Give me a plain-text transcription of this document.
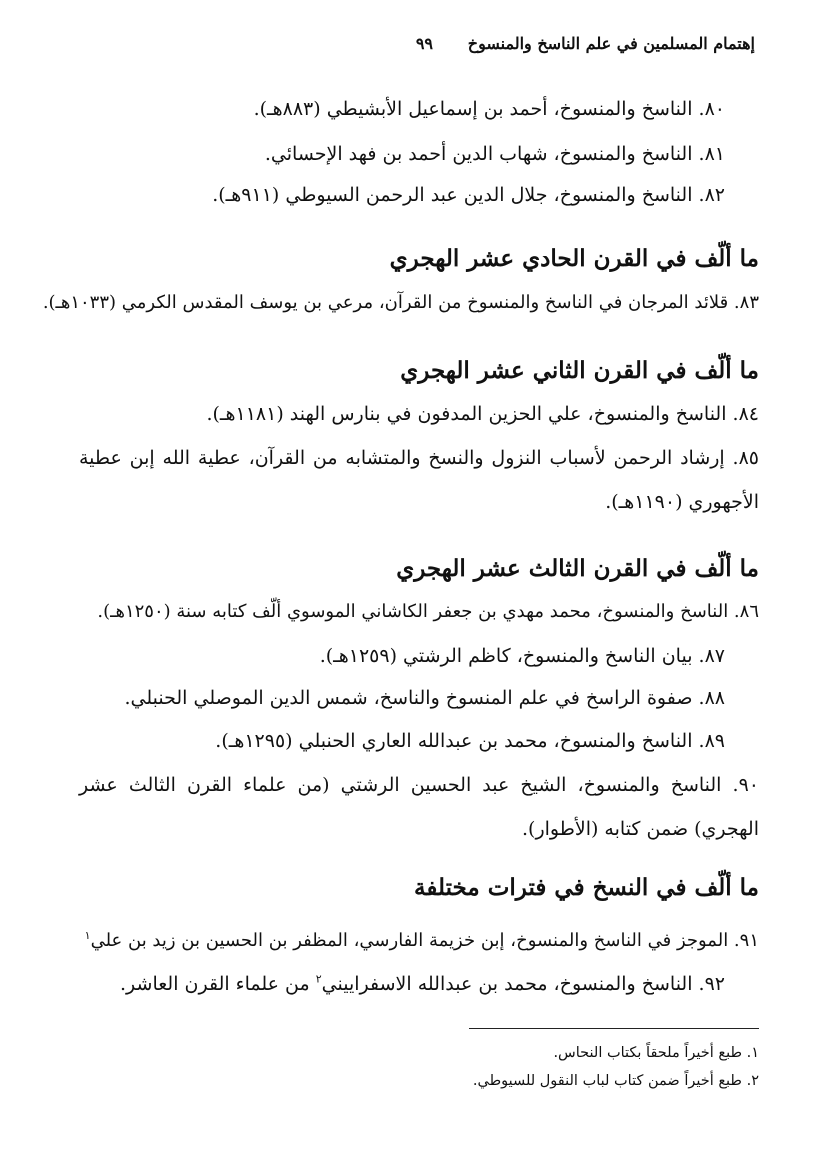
إهتمام المسلمين في علم الناسخ والمنسوخ
٩٩
٨٠. الناسخ والمنسوخ، أحمد بن إسماعيل الأبشيطي (٨٨٣هـ).
٨١. الناسخ والمنسوخ، شهاب الدين أحمد بن فهد الإحسائي.
٨٢. الناسخ والمنسوخ، جلال الدين عبد الرحمن السيوطي (٩١١هـ).
ما ألّف في القرن الحادي عشر الهجري
٨٣. قلائد المرجان في الناسخ والمنسوخ من القرآن، مرعي بن يوسف المقدس الكرمي (١٠٣٣هـ).
ما ألّف في القرن الثاني عشر الهجري
٨٤. الناسخ والمنسوخ، علي الحزين المدفون في بنارس الهند (١١٨١هـ).
٨٥. إرشاد الرحمن لأسباب النزول والنسخ والمتشابه من القرآن، عطية الله إبن عطية
الأجهوري (١١٩٠هـ).
ما ألّف في القرن الثالث عشر الهجري
٨٦. الناسخ والمنسوخ، محمد مهدي بن جعفر الكاشاني الموسوي ألّف كتابه سنة (١٢٥٠هـ).
٨٧. بيان الناسخ والمنسوخ، كاظم الرشتي (١٢٥٩هـ).
٨٨. صفوة الراسخ في علم المنسوخ والناسخ، شمس الدين الموصلي الحنبلي.
٨٩. الناسخ والمنسوخ، محمد بن عبدالله العاري الحنبلي (١٢٩٥هـ).
٩٠. الناسخ والمنسوخ، الشيخ عبد الحسين الرشتي (من علماء القرن الثالث عشر
الهجري) ضمن كتابه (الأطوار).
ما ألّف في النسخ في فترات مختلفة
٩١. الموجز في الناسخ والمنسوخ، إبن خزيمة الفارسي، المظفر بن الحسين بن زيد بن علي$^١$
٩٢. الناسخ والمنسوخ، محمد بن عبدالله الاسفراييني$^٢$ من علماء القرن العاشر.
١. طبع أخيراً ملحقاً بكتاب النحاس.
٢. طبع أخيراً ضمن كتاب لباب النقول للسيوطي.
